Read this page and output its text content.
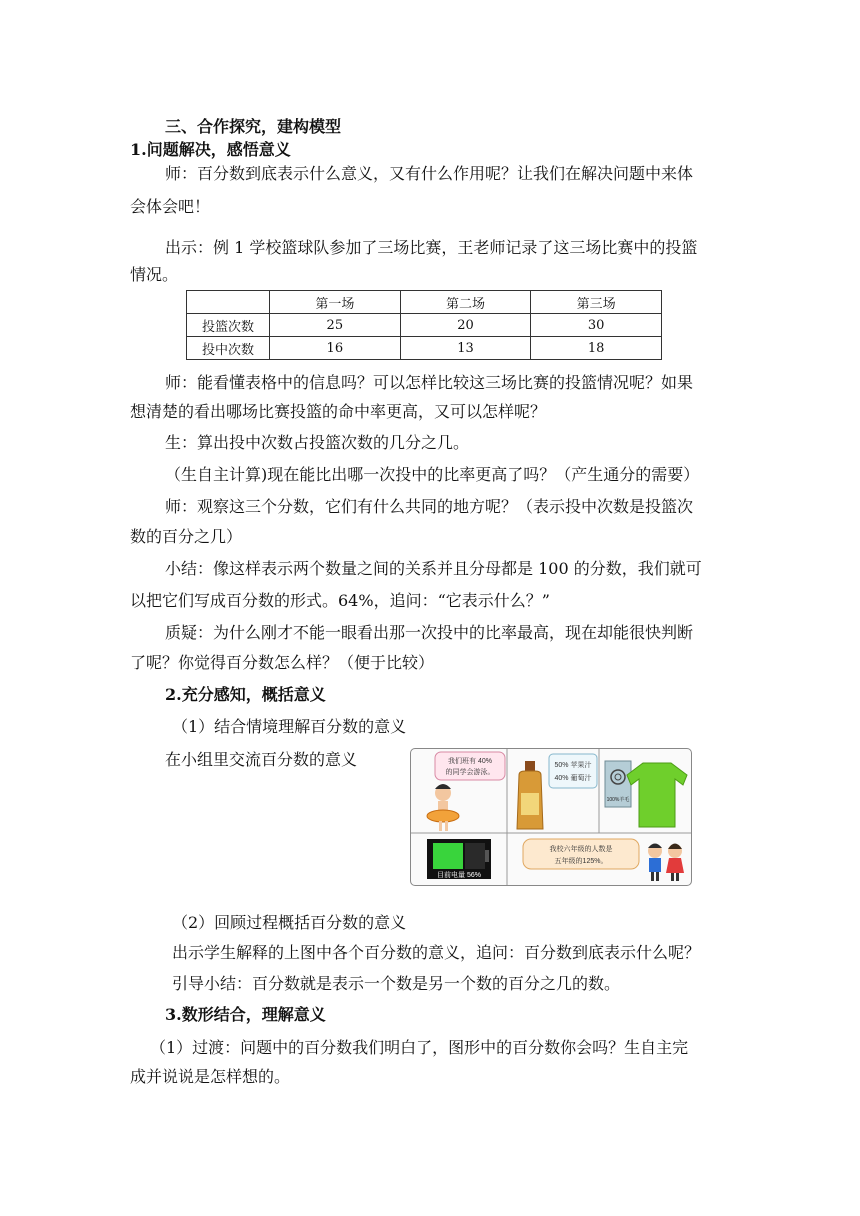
三、合作探究，建构模型
1.问题解决，感悟意义
师：百分数到底表示什么意义，又有什么作用呢？让我们在解决问题中来体
会体会吧！
出示：例 1 学校篮球队参加了三场比赛，王老师记录了这三场比赛中的投篮
情况。
	第一场	第二场	第三场
投篮次数	25	20	30
投中次数	16	13	18
师：能看懂表格中的信息吗？可以怎样比较这三场比赛的投篮情况呢？如果
想清楚的看出哪场比赛投篮的命中率更高，又可以怎样呢？
生：算出投中次数占投篮次数的几分之几。
（生自主计算)现在能比出哪一次投中的比率更高了吗？（产生通分的需要）
师：观察这三个分数，它们有什么共同的地方呢？（表示投中次数是投篮次
数的百分之几）
小结：像这样表示两个数量之间的关系并且分母都是 100 的分数，我们就可
以把它们写成百分数的形式。64%，追问：“它表示什么？”
质疑：为什么刚才不能一眼看出那一次投中的比率最高，现在却能很快判断
了呢？你觉得百分数怎么样？（便于比较）
2.充分感知，概括意义
（1）结合情境理解百分数的意义
在小组里交流百分数的意义	我们班有 40%
的同学会游泳。
50% 苹果汁
40% 葡萄汁
100%羊毛
目前电量 56%
我校六年级的人数是
五年级的125%。
（2）回顾过程概括百分数的意义
出示学生解释的上图中各个百分数的意义，追问：百分数到底表示什么呢？
引导小结：百分数就是表示一个数是另一个数的百分之几的数。
3.数形结合，理解意义
（1）过渡：问题中的百分数我们明白了，图形中的百分数你会吗？生自主完
成并说说是怎样想的。
